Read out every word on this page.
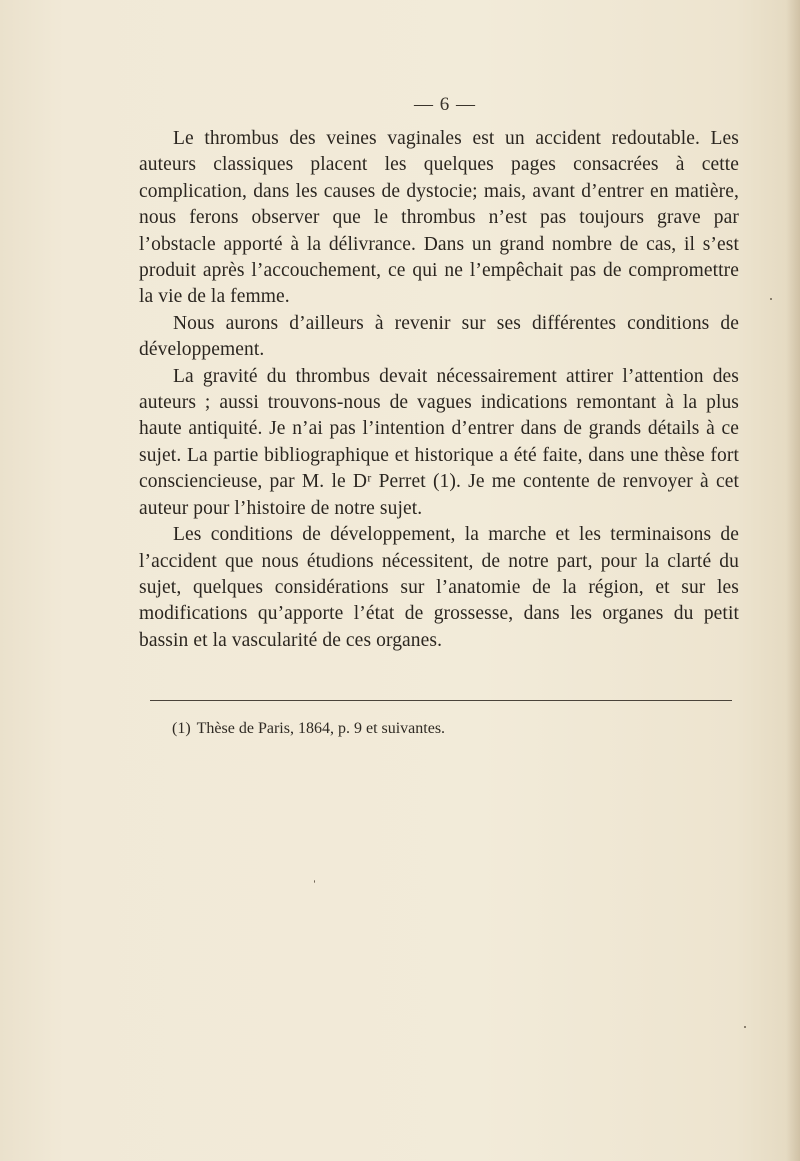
— 6 —

Le thrombus des veines vaginales est un accident redoutable. Les auteurs classiques placent les quelques pages consacrées à cette complication, dans les causes de dystocie; mais, avant d’entrer en matière, nous ferons observer que le thrombus n’est pas toujours grave par l’obstacle apporté à la délivrance. Dans un grand nombre de cas, il s’est produit après l’accouchement, ce qui ne l’empêchait pas de compromettre la vie de la femme.

Nous aurons d’ailleurs à revenir sur ses différentes conditions de développement.

La gravité du thrombus devait nécessairement attirer l’attention des auteurs ; aussi trouvons-nous de vagues indications remontant à la plus haute antiquité. Je n’ai pas l’intention d’entrer dans de grands détails à ce sujet. La partie bibliographique et historique a été faite, dans une thèse fort consciencieuse, par M. le Dʳ Perret (1). Je me contente de renvoyer à cet auteur pour l’histoire de notre sujet.

Les conditions de développement, la marche et les terminaisons de l’accident que nous étudions nécessitent, de notre part, pour la clarté du sujet, quelques considérations sur l’anatomie de la région, et sur les modifications qu’apporte l’état de grossesse, dans les organes du petit bassin et la vascularité de ces organes.

(1) Thèse de Paris, 1864, p. 9 et suivantes.
